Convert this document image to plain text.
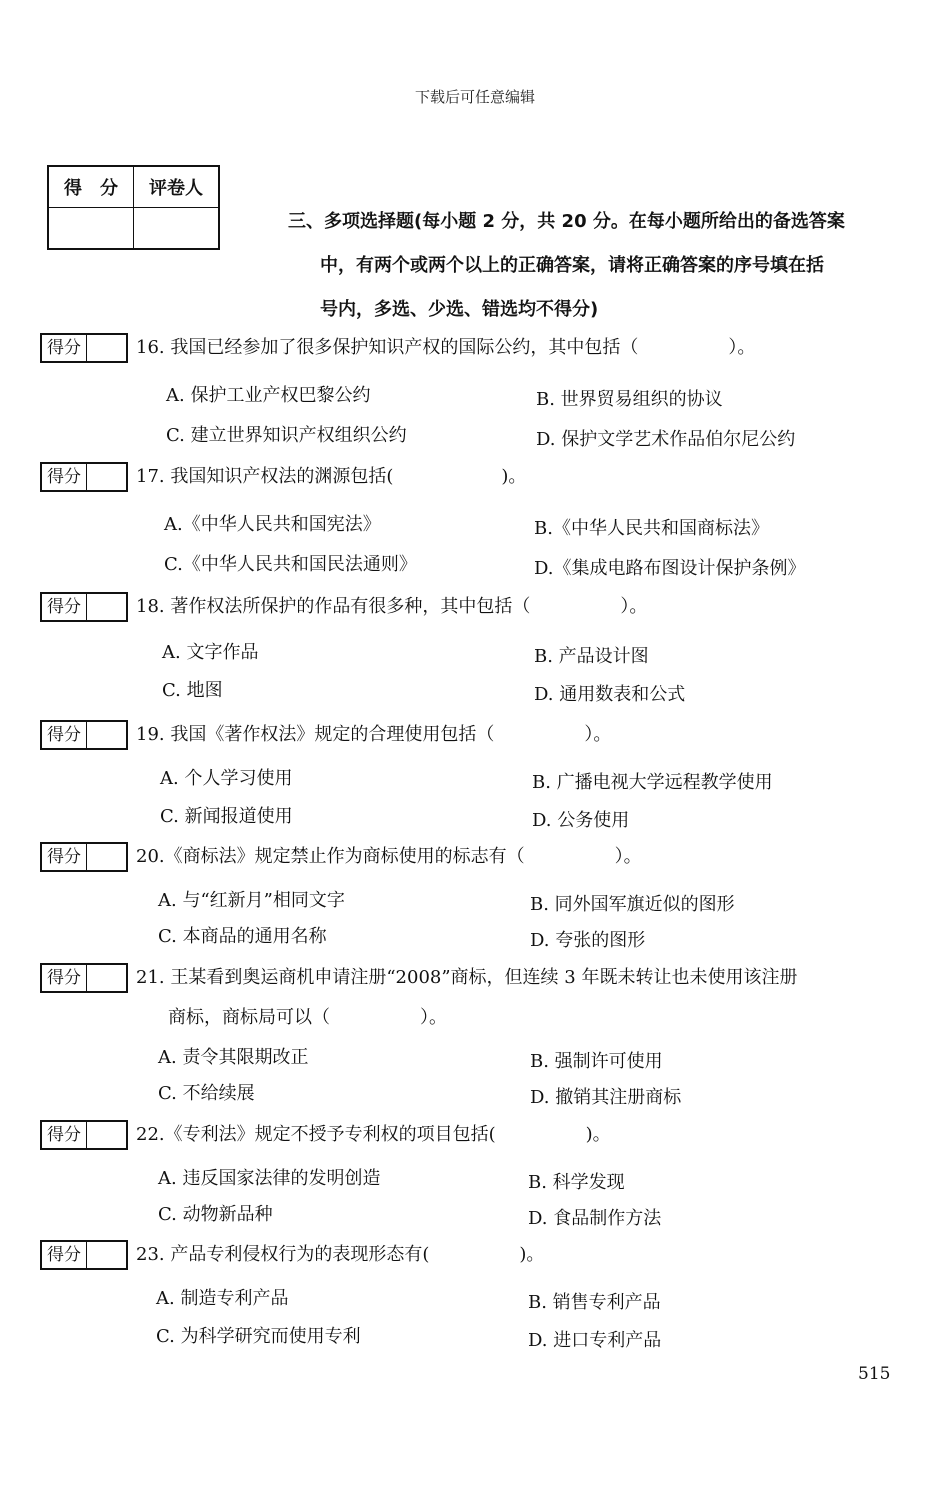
下载后可任意编辑
得　分	评卷人

三、多项选择题(每小题 2 分，共 20 分。在每小题所给出的备选答案
中，有两个或两个以上的正确答案，请将正确答案的序号填在括
号内，多选、少选、错选均不得分)
得分	16. 我国已经参加了很多保护知识产权的国际公约，其中包括（　　　　　）。
A. 保护工业产权巴黎公约	B. 世界贸易组织的协议
C. 建立世界知识产权组织公约	D. 保护文学艺术作品伯尔尼公约
得分	17. 我国知识产权法的渊源包括(　　　　　　)。
A.《中华人民共和国宪法》	B.《中华人民共和国商标法》
C.《中华人民共和国民法通则》	D.《集成电路布图设计保护条例》
得分	18. 著作权法所保护的作品有很多种，其中包括（　　　　　）。
A. 文字作品	B. 产品设计图
C. 地图	D. 通用数表和公式
得分	19. 我国《著作权法》规定的合理使用包括（　　　　　）。
A. 个人学习使用	B. 广播电视大学远程教学使用
C. 新闻报道使用	D. 公务使用
得分	20.《商标法》规定禁止作为商标使用的标志有（　　　　　）。
A. 与“红新月”相同文字	B. 同外国军旗近似的图形
C. 本商品的通用名称	D. 夸张的图形
得分	21. 王某看到奥运商机申请注册“2008”商标，但连续 3 年既未转让也未使用该注册
商标，商标局可以（　　　　　）。
A. 责令其限期改正	B. 强制许可使用
C. 不给续展	D. 撤销其注册商标
得分	22.《专利法》规定不授予专利权的项目包括(　　　　　)。
A. 违反国家法律的发明创造	B. 科学发现
C. 动物新品种	D. 食品制作方法
得分	23. 产品专利侵权行为的表现形态有(　　　　　)。
A. 制造专利产品	B. 销售专利产品
C. 为科学研究而使用专利	D. 进口专利产品
515
